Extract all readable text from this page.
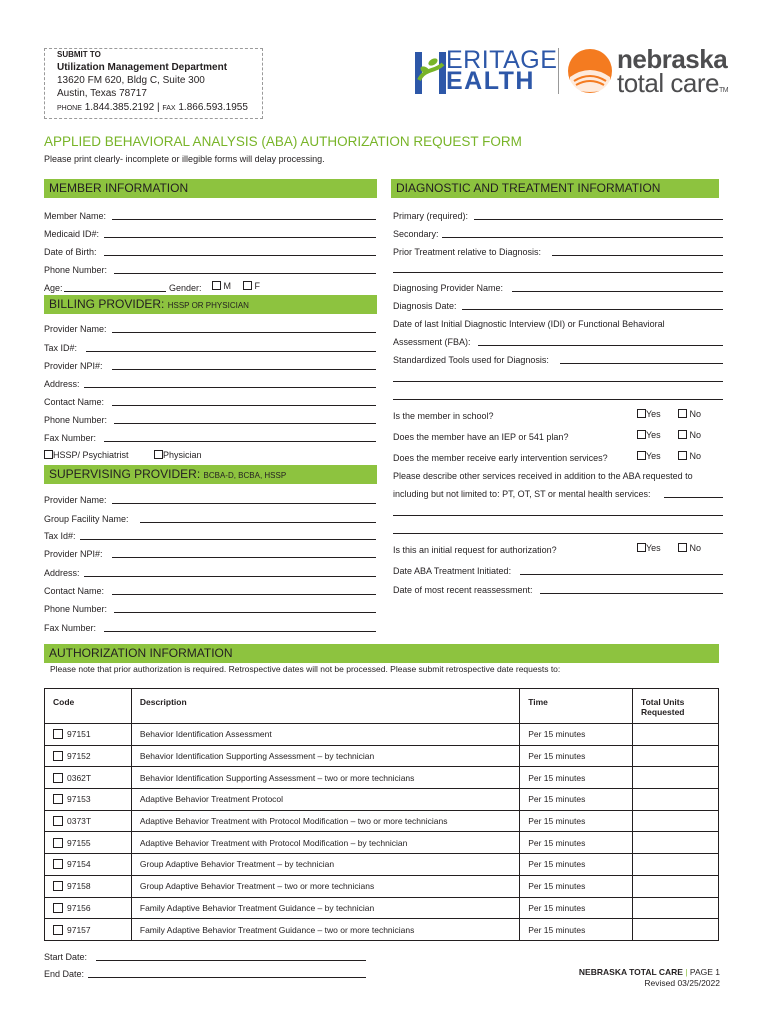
SUBMIT TO
Utilization Management Department
13620 FM 620, Bldg C, Suite 300
Austin, Texas 78717
PHONE 1.844.385.2192 | FAX 1.866.593.1955
ERITAGE
EALTH
nebraska
total careTM
APPLIED BEHAVIORAL ANALYSIS (ABA) AUTHORIZATION REQUEST FORM
Please print clearly- incomplete or illegible forms will delay processing.
MEMBER INFORMATION
Member Name:
Medicaid ID#:
Date of Birth:
Phone Number:
Age:	Gender:	M	F
BILLING PROVIDER: HSSP OR PHYSICIAN
Provider Name:
Tax ID#:
Provider NPI#:
Address:
Contact Name:
Phone Number:
Fax Number:
HSSP/ Psychiatrist	Physician
SUPERVISING PROVIDER: BCBA-D, BCBA, HSSP
Provider Name:
Group Facility Name:
Tax Id#:
Provider NPI#:
Address:
Contact Name:
Phone Number:
Fax Number:
DIAGNOSTIC AND TREATMENT INFORMATION
Primary (required):
Secondary:
Prior Treatment relative to Diagnosis:
Diagnosing Provider Name:
Diagnosis Date:
Date of last Initial Diagnostic Interview (IDI) or Functional Behavioral
Assessment (FBA):
Standardized Tools used for Diagnosis:
Is the member in school?	Yes	No
Does the member have an IEP or 541 plan?	Yes	No
Does the member receive early intervention services?	Yes	No
Please describe other services received in addition to the ABA requested to
including but not limited to: PT, OT, ST or mental health services:
Is this an initial request for authorization?	Yes	No
Date ABA Treatment Initiated:
Date of most recent reassessment:
AUTHORIZATION INFORMATION
Please note that prior authorization is required. Retrospective dates will not be processed. Please submit retrospective date requests to:
Code	Description	Time	Total Units
Requested
97151	Behavior Identification Assessment	Per 15 minutes	
97152	Behavior Identification Supporting Assessment – by technician	Per 15 minutes	
0362T	Behavior Identification Supporting Assessment – two or more technicians	Per 15 minutes	
97153	Adaptive Behavior Treatment Protocol	Per 15 minutes	
0373T	Adaptive Behavior Treatment with Protocol Modification – two or more technicians	Per 15 minutes	
97155	Adaptive Behavior Treatment with Protocol Modification – by technician	Per 15 minutes	
97154	Group Adaptive Behavior Treatment – by technician	Per 15 minutes	
97158	Group Adaptive Behavior Treatment – two or more technicians	Per 15 minutes	
97156	Family Adaptive Behavior Treatment Guidance – by technician	Per 15 minutes	
97157	Family Adaptive Behavior Treatment Guidance – two or more technicians	Per 15 minutes	
Start Date:
End Date:	NEBRASKA TOTAL CARE | PAGE 1
Revised 03/25/2022
